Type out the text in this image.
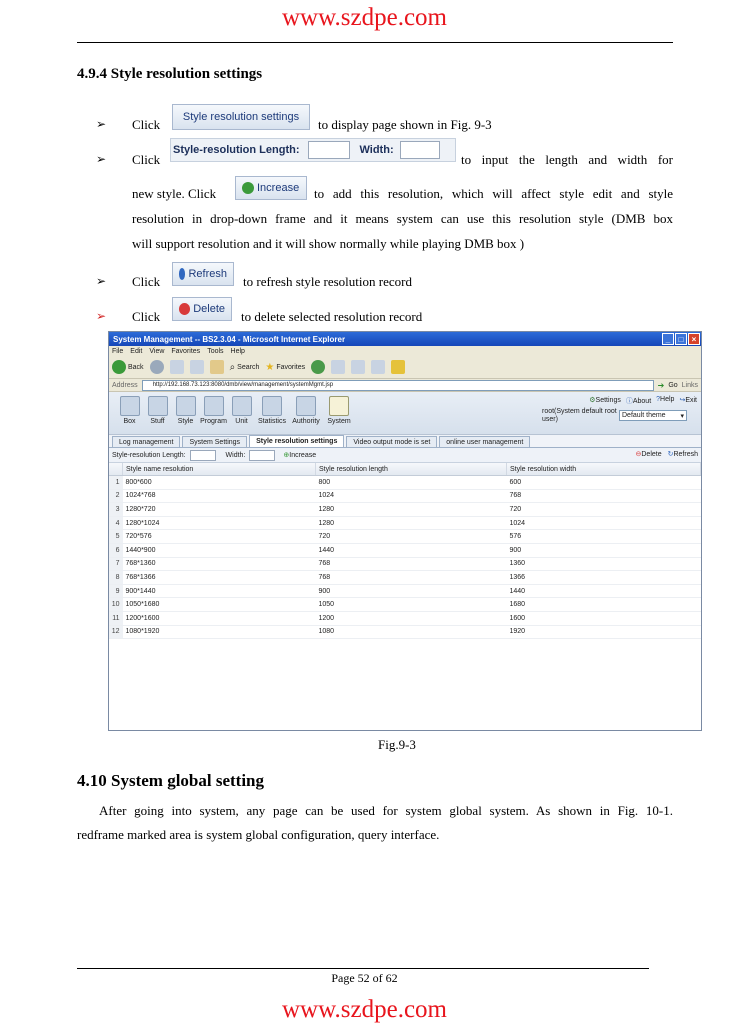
www.szdpe.com
4.9.4 Style resolution settings
➢ Click Style resolution settings to display page shown in Fig. 9-3
➢ Click
Style-resolution Length:	Width:
to input the length and width for
new style. Click	Increase to add this resolution, which will affect style edit and style
resolution in drop-down frame and it means system can use this resolution style (DMB box
will support resolution and it will show normally while playing DMB box )
➢ Click	Refresh to refresh style resolution record
➢ Click	Delete to delete selected resolution record
System Management -- BS2.3.04 - Microsoft Internet Explorer	_	□	×
File Edit View Favorites Tools Help
Back	⌕ Search ★ Favorites
Address	http://192.168.73.123:8080/dmb/view/management/systemMgmt.jsp	➔ Go Links
Box Stuff Style Program Unit Statistics Authority System
⚙Settings ⓘAbout ?Help ↪Exit
root(System default root user)
Default theme ▾
Log management	System Settings	Style resolution settings	Video output mode is set	online user management
Style-resolution Length:	Width:	⊕Increase	⊖Delete ↻Refresh
	Style name resolution	Style resolution length	Style resolution width
1	800*600	800	600
2	1024*768	1024	768
3	1280*720	1280	720
4	1280*1024	1280	1024
5	720*576	720	576
6	1440*900	1440	900
7	768*1360	768	1360
8	768*1366	768	1366
9	900*1440	900	1440
10	1050*1680	1050	1680
11	1200*1600	1200	1600
12	1080*1920	1080	1920
Fig.9-3
4.10 System global setting
After going into system, any page can be used for system global system. As shown in Fig. 10-1.
redframe marked area is system global configuration, query interface.
Page 52 of 62
www.szdpe.com
